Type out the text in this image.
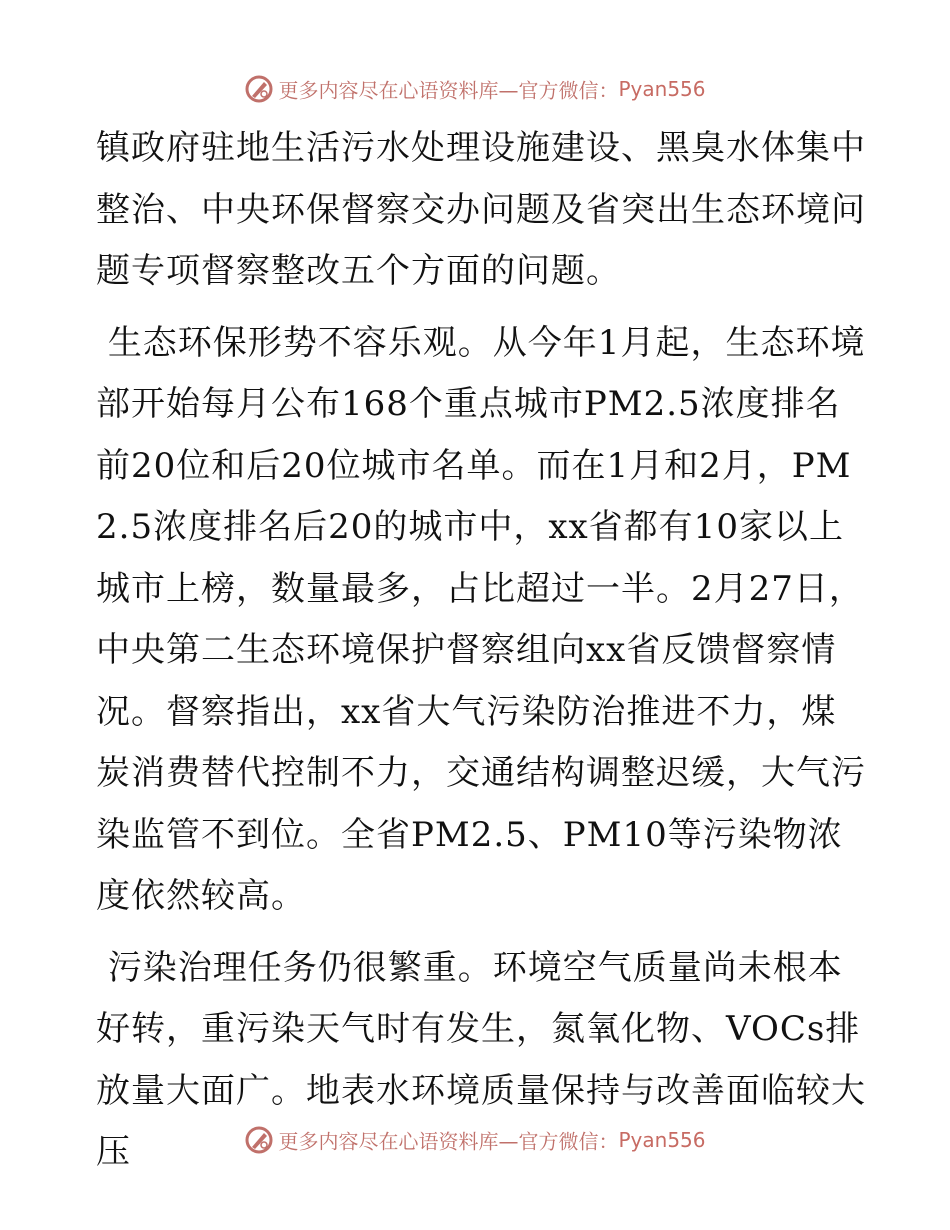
更多内容尽在心语资料库—官方微信：Pyan556

镇政府驻地生活污水处理设施建设、黑臭水体集中整治、中央环保督察交办问题及省突出生态环境问题专项督察整改五个方面的问题。

生态环保形势不容乐观。从今年1月起，生态环境部开始每月公布168个重点城市PM2.5浓度排名前20位和后20位城市名单。而在1月和2月，PM2.5浓度排名后20的城市中，xx省都有10家以上城市上榜，数量最多，占比超过一半。2月27日，中央第二生态环境保护督察组向xx省反馈督察情况。督察指出，xx省大气污染防治推进不力，煤炭消费替代控制不力，交通结构调整迟缓，大气污染监管不到位。全省PM2.5、PM10等污染物浓度依然较高。

污染治理任务仍很繁重。环境空气质量尚未根本好转，重污染天气时有发生，氮氧化物、VOCs排放量大面广。地表水环境质量保持与改善面临较大压	更多内容尽在心语资料库—官方微信：Pyan556
